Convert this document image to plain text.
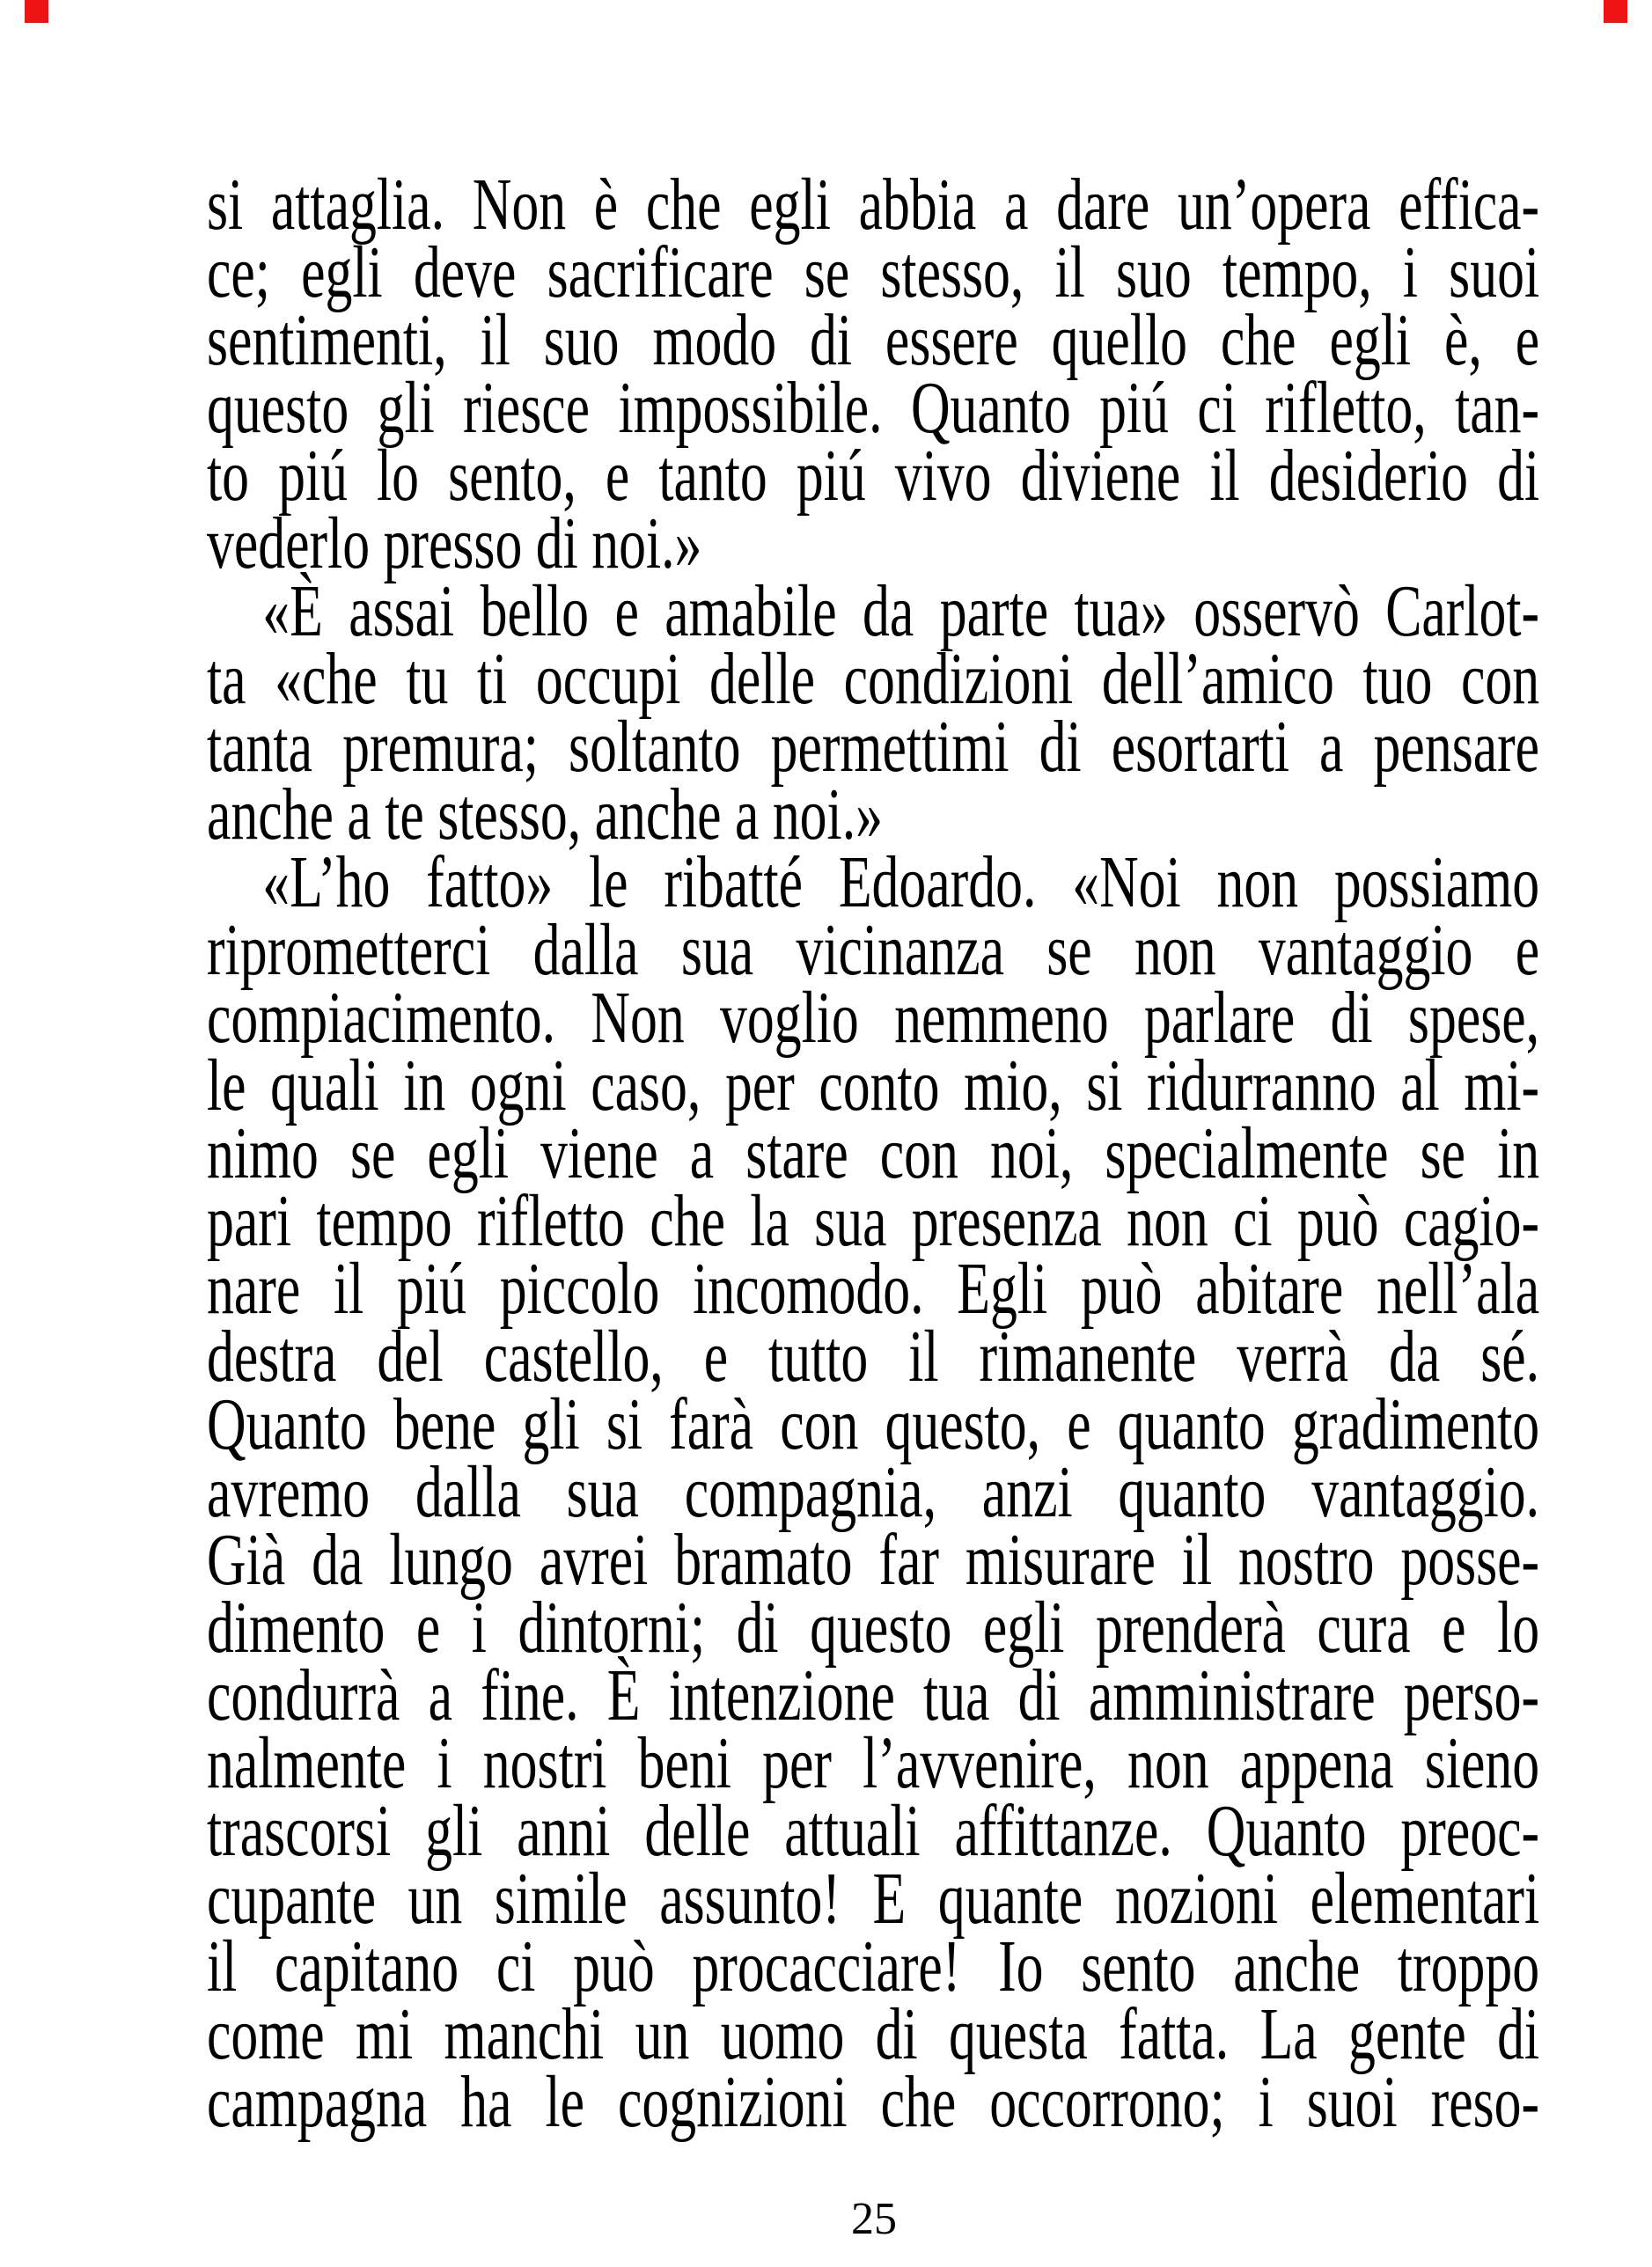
si attaglia. Non è che egli abbia a dare un’opera effica-
ce; egli deve sacrificare se stesso, il suo tempo, i suoi
sentimenti, il suo modo di essere quello che egli è, e
questo gli riesce impossibile. Quanto piú ci rifletto, tan-
to piú lo sento, e tanto piú vivo diviene il desiderio di
vederlo presso di noi.»
«È assai bello e amabile da parte tua» osservò Carlot-
ta «che tu ti occupi delle condizioni dell’amico tuo con
tanta premura; soltanto permettimi di esortarti a pensare
anche a te stesso, anche a noi.»
«L’ho fatto» le ribatté Edoardo. «Noi non possiamo
riprometterci dalla sua vicinanza se non vantaggio e
compiacimento. Non voglio nemmeno parlare di spese,
le quali in ogni caso, per conto mio, si ridurranno al mi-
nimo se egli viene a stare con noi, specialmente se in
pari tempo rifletto che la sua presenza non ci può cagio-
nare il piú piccolo incomodo. Egli può abitare nell’ala
destra del castello, e tutto il rimanente verrà da sé.
Quanto bene gli si farà con questo, e quanto gradimento
avremo dalla sua compagnia, anzi quanto vantaggio.
Già da lungo avrei bramato far misurare il nostro posse-
dimento e i dintorni; di questo egli prenderà cura e lo
condurrà a fine. È intenzione tua di amministrare perso-
nalmente i nostri beni per l’avvenire, non appena sieno
trascorsi gli anni delle attuali affittanze. Quanto preoc-
cupante un simile assunto! E quante nozioni elementari
il capitano ci può procacciare! Io sento anche troppo
come mi manchi un uomo di questa fatta. La gente di
campagna ha le cognizioni che occorrono; i suoi reso-
25
